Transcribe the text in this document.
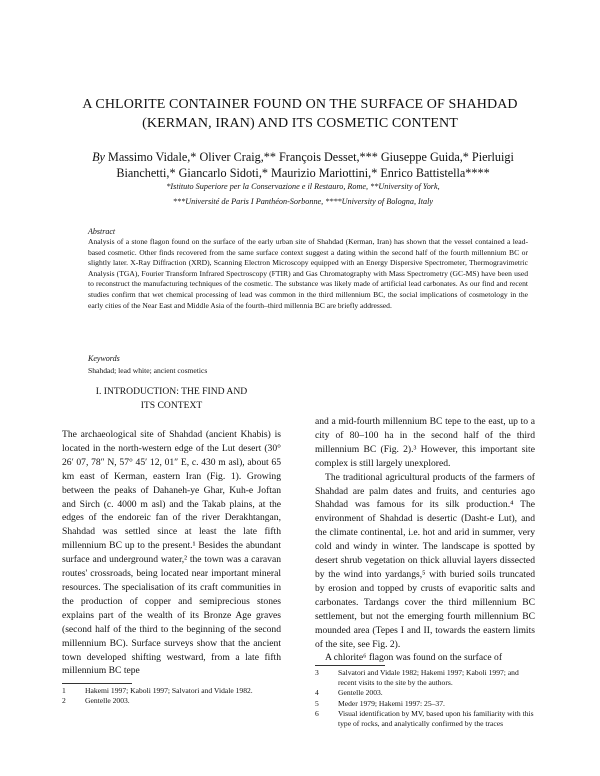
A CHLORITE CONTAINER FOUND ON THE SURFACE OF SHAHDAD
(KERMAN, IRAN) AND ITS COSMETIC CONTENT
By Massimo Vidale,* Oliver Craig,** François Desset,*** Giuseppe Guida,* Pierluigi
Bianchetti,* Giancarlo Sidoti,* Maurizio Mariottini,* Enrico Battistella****
*Istituto Superiore per la Conservazione e il Restauro, Rome, **University of York,
***Université de Paris I Panthéon-Sorbonne, ****University of Bologna, Italy
Abstract
Analysis of a stone flagon found on the surface of the early urban site of Shahdad (Kerman, Iran) has shown that the vessel contained a lead-based cosmetic. Other finds recovered from the same surface context suggest a dating within the second half of the fourth millennium BC or slightly later. X-Ray Diffraction (XRD), Scanning Electron Microscopy equipped with an Energy Dispersive Spectrometer, Thermogravimetric Analysis (TGA), Fourier Transform Infrared Spectroscopy (FTIR) and Gas Chromatography with Mass Spectrometry (GC-MS) have been used to reconstruct the manufacturing techniques of the cosmetic. The substance was likely made of artificial lead carbonates. As our find and recent studies confirm that wet chemical processing of lead was common in the third millennium BC, the social implications of cosmetology in the early cities of the Near East and Middle Asia of the fourth–third millennia BC are briefly addressed.
Keywords
Shahdad; lead white; ancient cosmetics
I. INTRODUCTION: THE FIND AND
ITS CONTEXT

The archaeological site of Shahdad (ancient Khabis) is located in the north-western edge of the Lut desert (30° 26′ 07, 78″ N, 57° 45′ 12, 01″ E, c. 430 m asl), about 65 km east of Kerman, eastern Iran (Fig. 1). Growing between the peaks of Dahaneh-ye Ghar, Kuh-e Joftan and Sirch (c. 4000 m asl) and the Takab plains, at the edges of the endoreic fan of the river Derakhtangan, Shahdad was settled since at least the late fifth millennium BC up to the present.¹ Besides the abundant surface and underground water,² the town was a caravan routes' crossroads, being located near important mineral resources. The specialisation of its craft communities in the production of copper and semiprecious stones explains part of the wealth of its Bronze Age graves (second half of the third to the beginning of the second millennium BC). Surface surveys show that the ancient town developed shifting westward, from a late fifth millennium BC tepe

and a mid-fourth millennium BC tepe to the east, up to a city of 80–100 ha in the second half of the third millennium BC (Fig. 2).³ However, this important site complex is still largely unexplored.

The traditional agricultural products of the farmers of Shahdad are palm dates and fruits, and centuries ago Shahdad was famous for its silk production.⁴ The environment of Shahdad is desertic (Dasht-e Lut), and the climate continental, i.e. hot and arid in summer, very cold and windy in winter. The landscape is spotted by desert shrub vegetation on thick alluvial layers dissected by the wind into yardangs,⁵ with buried soils truncated by erosion and topped by crusts of evaporitic salts and carbonates. Tardangs cover the third millennium BC settlement, but not the emerging fourth millennium BC mounded area (Tepes I and II, towards the eastern limits of the site, see Fig. 2).

A chlorite⁶ flagon was found on the surface of

1	Hakemi 1997; Kaboli 1997; Salvatori and Vidale 1982.
2	Gentelle 2003.
3	Salvatori and Vidale 1982; Hakemi 1997; Kaboli 1997; and recent visits to the site by the authors.
4	Gentelle 2003.
5	Meder 1979; Hakemi 1997: 25–37.
6	Visual identification by MV, based upon his familiarity with this type of rocks, and analytically confirmed by the traces
